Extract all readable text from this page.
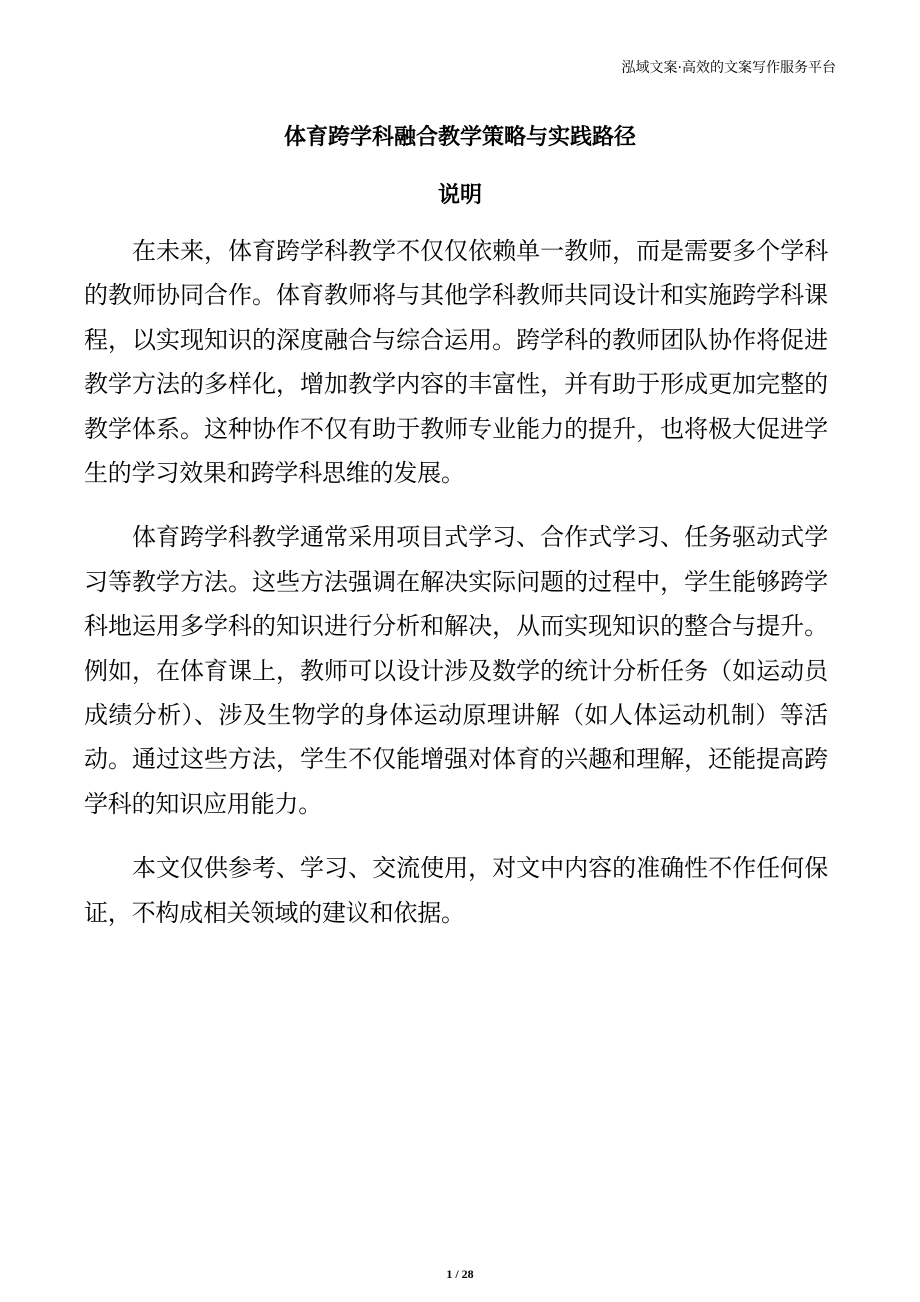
泓域文案·高效的文案写作服务平台
体育跨学科融合教学策略与实践路径
说明

在未来，体育跨学科教学不仅仅依赖单一教师，而是需要多个学科的教师协同合作。体育教师将与其他学科教师共同设计和实施跨学科课程，以实现知识的深度融合与综合运用。跨学科的教师团队协作将促进教学方法的多样化，增加教学内容的丰富性，并有助于形成更加完整的教学体系。这种协作不仅有助于教师专业能力的提升，也将极大促进学生的学习效果和跨学科思维的发展。

体育跨学科教学通常采用项目式学习、合作式学习、任务驱动式学习等教学方法。这些方法强调在解决实际问题的过程中，学生能够跨学科地运用多学科的知识进行分析和解决，从而实现知识的整合与提升。例如，在体育课上，教师可以设计涉及数学的统计分析任务（如运动员成绩分析）、涉及生物学的身体运动原理讲解（如人体运动机制）等活动。通过这些方法，学生不仅能增强对体育的兴趣和理解，还能提高跨学科的知识应用能力。

本文仅供参考、学习、交流使用，对文中内容的准确性不作任何保证，不构成相关领域的建议和依据。

1 / 28
